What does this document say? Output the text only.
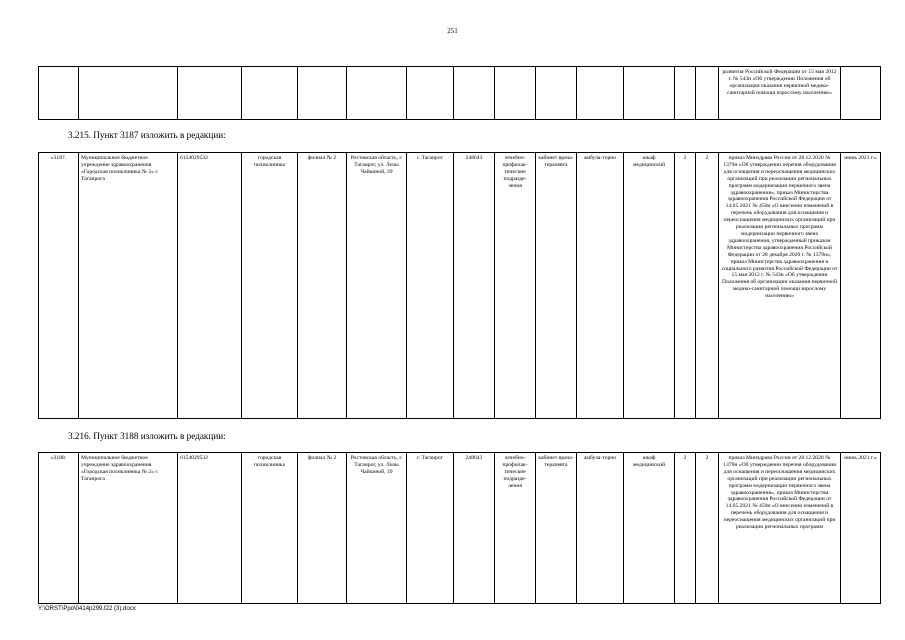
251
														развития Российской Федерации от 15 мая 2012 г. № 543н «Об утверждении Положения об организации оказания первичной медико-санитарной помощи взрослому населению»	
3.215. Пункт 3187 изложить в редакции:
«3187.	Муниципальное бюджетное учреждение здравоохранения «Городская поликлиника № 2» г. Таганрога	6154029532	городская поликлиника	филиал № 2	Ростовская область, г. Таганрог, ул. Лизы Чайкиной, 39	г. Таганрог	248643	лечебно-профилак-тические подразде-ления	кабинет врача-терапевта	амбула-торно	шкаф медицинский	2	2	приказ Минздрава России от 28.12.2020 № 1379н «Об утверждении перечня оборудования для оснащения и переоснащения медицинских организаций при реализации региональных программ модернизации первичного звена здравоохранения», приказ Министерства здравоохранения Российской Федерации от 14.05.2021 № 450н «О внесении изменений в перечень оборудования для оснащения и переоснащения медицинских организаций при реализации региональных программ модернизации первичного звена здравоохранения, утвержденный приказом Министерства здравоохранения Российской Федерации от 28 декабря 2020 г. № 1379н», приказ Министерства здравоохранения и социального развития Российской Федерации от 15 мая 2012 г. № 543н «Об утверждении Положения об организации оказания первичной медико-санитарной помощи взрослому населению»	июнь 2021 г.»
3.216. Пункт 3188 изложить в редакции:
«3188.	Муниципальное бюджетное учреждение здравоохранения «Городская поликлиника № 2» г. Таганрога	6154029532	городская поликлиника	филиал № 2	Ростовская область, г. Таганрог, ул. Лизы Чайкиной, 39	г. Таганрог	248643	лечебно-профилак-тические подразде-ления	кабинет врача-терапевта	амбула-торно	шкаф медицинский	2	2	приказ Минздрава России от 28.12.2020 № 1379н «Об утверждении перечня оборудования для оснащения и переоснащения медицинских организаций при реализации региональных программ модернизации первичного звена здравоохранения», приказ Министерства здравоохранения Российской Федерации от 14.05.2021 № 450н «О внесении изменений в перечень оборудования для оснащения и переоснащения медицинских организаций при реализации региональных программ	июнь 2021 г.»
Y:\ORST\Ppo\0414p299.f22 (3).docx
